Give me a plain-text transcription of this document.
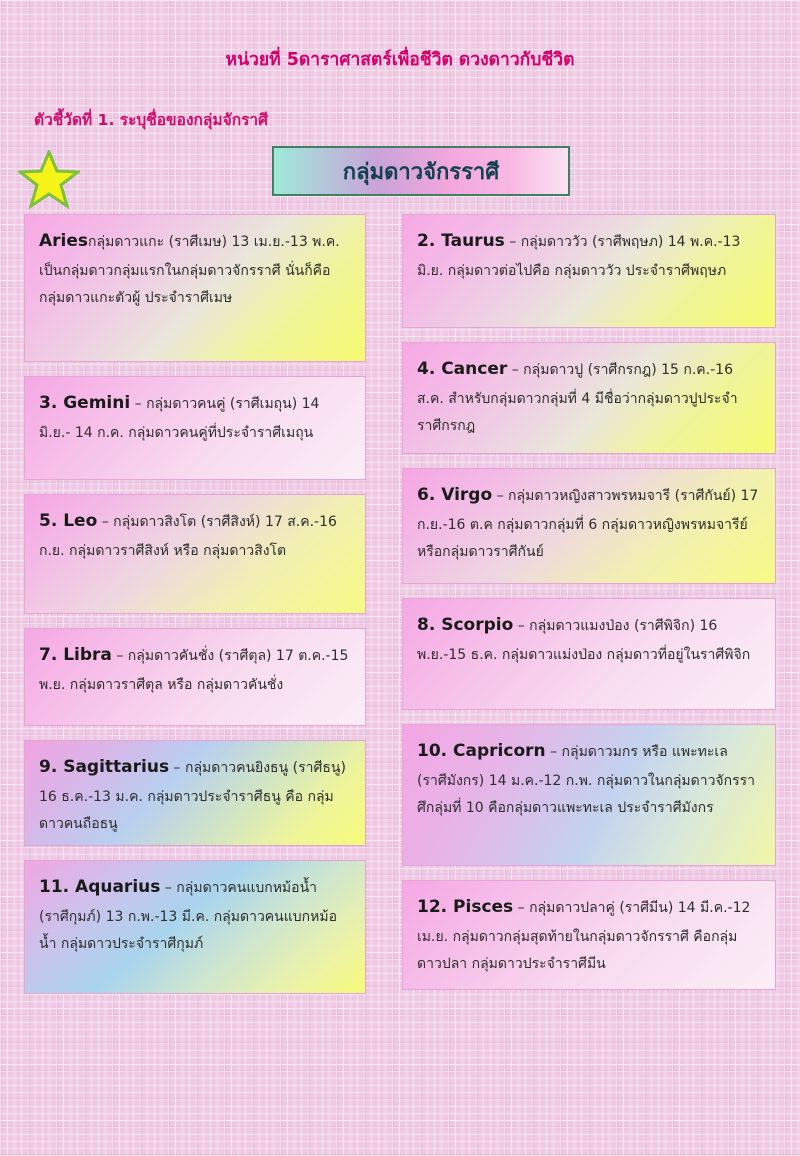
หน่วยที่ 5ดาราศาสตร์เพื่อชีวิต ดวงดาวกับชีวิต
ตัวชี้วัดที่ 1. ระบุชื่อของกลุ่มจักราศี
กลุ่มดาวจักรราศี
Ariesกลุ่มดาวแกะ (ราศีเมษ) 13 เม.ย.-13 พ.ค. เป็นกลุ่มดาวกลุ่มแรกในกลุ่มดาวจักรราศี นั่นก็คือกลุ่มดาวแกะตัวผู้ ประจำราศีเมษ
3. Gemini – กลุ่มดาวคนคู่ (ราศีเมถุน) 14 มิ.ย.- 14 ก.ค. กลุ่มดาวคนคู่ที่ประจำราศีเมถุน
5. Leo – กลุ่มดาวสิงโต (ราศีสิงห์) 17 ส.ค.-16 ก.ย. กลุ่มดาวราศีสิงห์ หรือ กลุ่มดาวสิงโต
7. Libra – กลุ่มดาวคันชั่ง (ราศีตุล) 17 ต.ค.-15 พ.ย. กลุ่มดาวราศีตุล หรือ กลุ่มดาวคันชั่ง
9. Sagittarius – กลุ่มดาวคนยิงธนู (ราศีธนู) 16 ธ.ค.-13 ม.ค. กลุ่มดาวประจำราศีธนู คือ กลุ่มดาวคนถือธนู
11. Aquarius – กลุ่มดาวคนแบกหม้อน้ำ (ราศีกุมภ์) 13 ก.พ.-13 มี.ค. กลุ่มดาวคนแบกหม้อน้ำ กลุ่มดาวประจำราศีกุมภ์
2. Taurus – กลุ่มดาววัว (ราศีพฤษภ) 14 พ.ค.-13 มิ.ย. กลุ่มดาวต่อไปคือ กลุ่มดาววัว ประจำราศีพฤษภ
4. Cancer – กลุ่มดาวปู (ราศีกรกฎ) 15 ก.ค.-16 ส.ค. สำหรับกลุ่มดาวกลุ่มที่ 4 มีชื่อว่ากลุ่มดาวปูประจำราศีกรกฎ
6. Virgo – กลุ่มดาวหญิงสาวพรหมจารี (ราศีกันย์) 17 ก.ย.-16 ต.ค กลุ่มดาวกลุ่มที่ 6 กลุ่มดาวหญิงพรหมจารีย์ หรือกลุ่มดาวราศีกันย์
8. Scorpio – กลุ่มดาวแมงป่อง (ราศีพิจิก) 16 พ.ย.-15 ธ.ค. กลุ่มดาวแม่งป่อง กลุ่มดาวที่อยู่ในราศีพิจิก
10. Capricorn – กลุ่มดาวมกร หรือ แพะทะเล (ราศีมังกร) 14 ม.ค.-12 ก.พ. กลุ่มดาวในกลุ่มดาวจักรราศึกลุ่มที่ 10 คือกลุ่มดาวแพะทะเล ประจำราศีมังกร
12. Pisces – กลุ่มดาวปลาคู่ (ราศีมีน) 14 มี.ค.-12 เม.ย. กลุ่มดาวกลุ่มสุดท้ายในกลุ่มดาวจักรราศี คือกลุ่มดาวปลา กลุ่มดาวประจำราศีมีน
